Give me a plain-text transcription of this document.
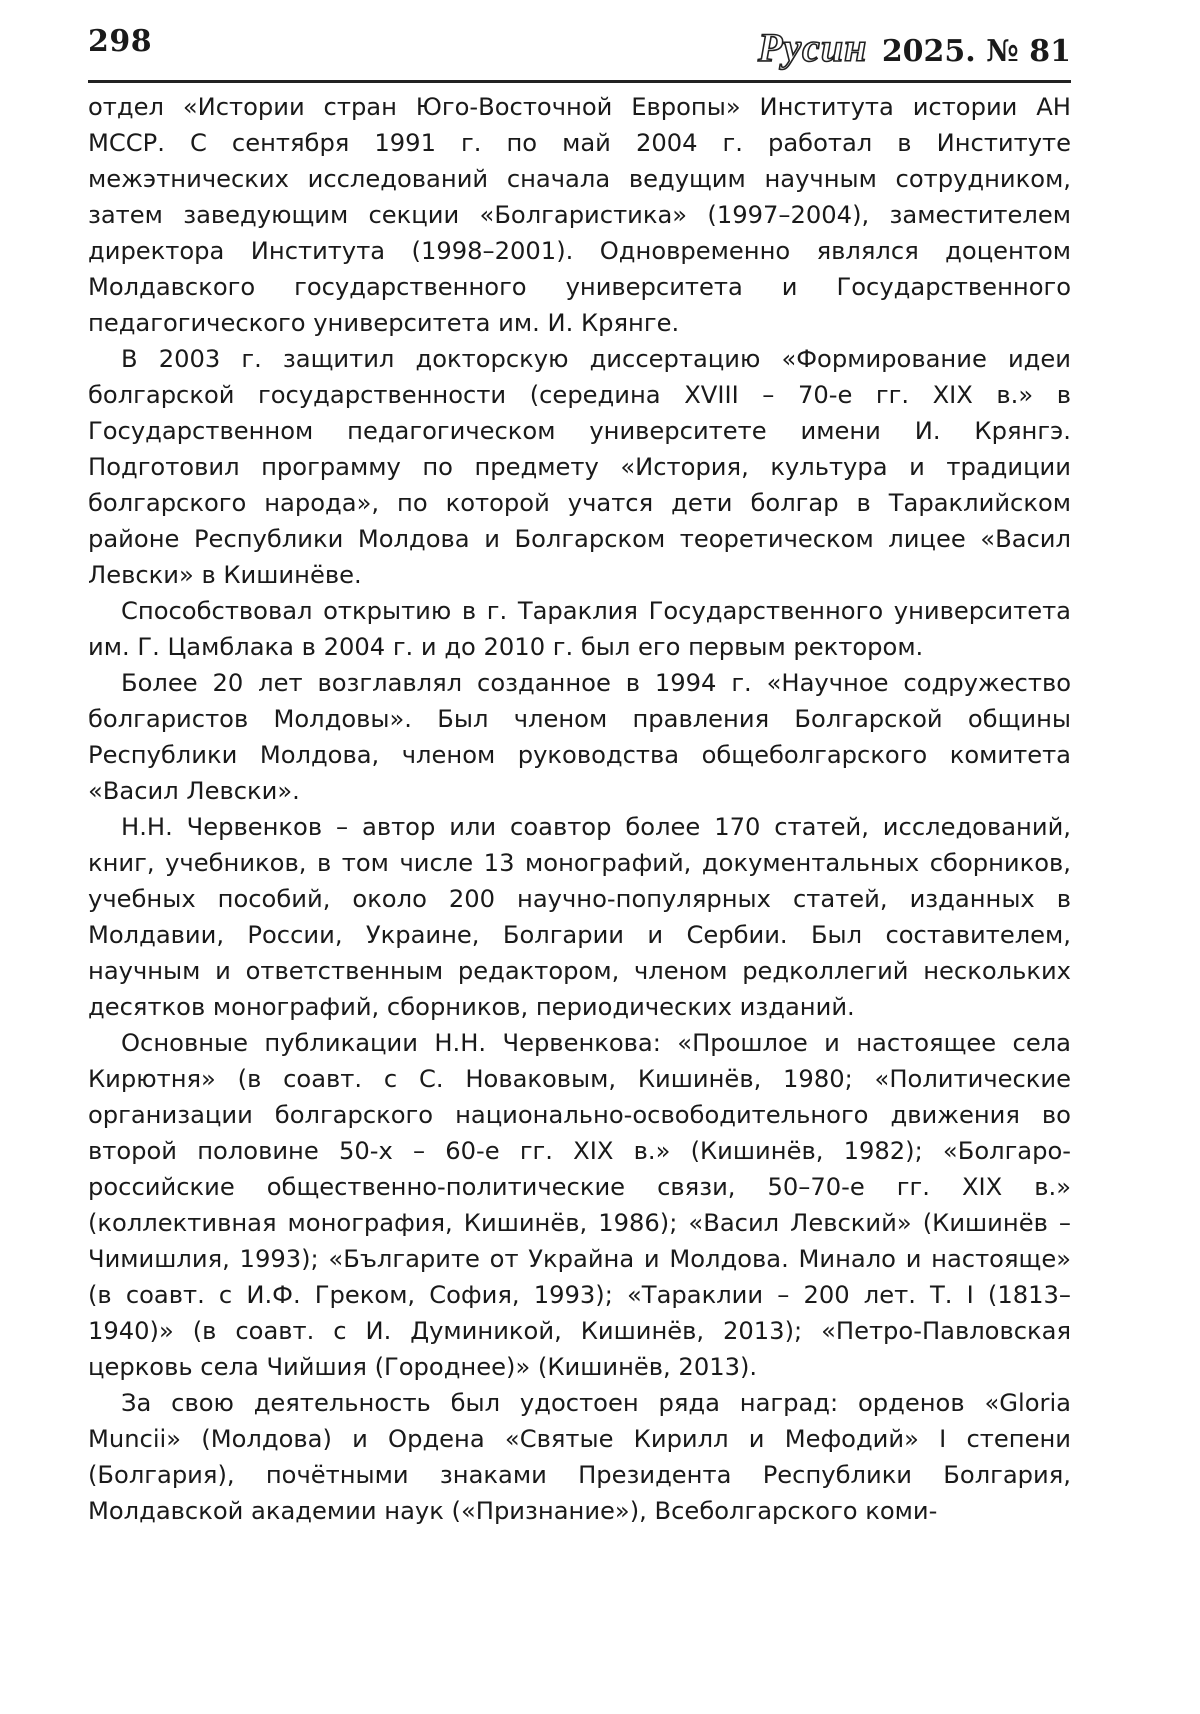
298	Русин 2025. № 81

отдел «Истории стран Юго-Восточной Европы» Института истории АН МССР. С сентября 1991 г. по май 2004 г. работал в Институте межэтнических исследований сначала ведущим научным сотрудником, затем заведующим секции «Болгаристика» (1997–2004), заместителем директора Института (1998–2001). Одновременно являлся доцентом Молдавского государственного университета и Государственного педагогического университета им. И. Крянге.

В 2003 г. защитил докторскую диссертацию «Формирование идеи болгарской государственности (середина XVIII – 70-е гг. XIX в.» в Государственном педагогическом университете имени И. Крянгэ. Подготовил программу по предмету «История, культура и традиции болгарского народа», по которой учатся дети болгар в Тараклийском районе Республики Молдова и Болгарском теоретическом лицее «Васил Левски» в Кишинёве.

Способствовал открытию в г. Тараклия Государственного университета им. Г. Цамблака в 2004 г. и до 2010 г. был его первым ректором.

Более 20 лет возглавлял созданное в 1994 г. «Научное содружество болгаристов Молдовы». Был членом правления Болгарской общины Республики Молдова, членом руководства общеболгарского комитета «Васил Левски».

Н.Н. Червенков – автор или соавтор более 170 статей, исследований, книг, учебников, в том числе 13 монографий, документальных сборников, учебных пособий, около 200 научно-популярных статей, изданных в Молдавии, России, Украине, Болгарии и Сербии. Был составителем, научным и ответственным редактором, членом редколлегий нескольких десятков монографий, сборников, периодических изданий.

Основные публикации Н.Н. Червенкова: «Прошлое и настоящее села Кирютня» (в соавт. с С. Новаковым, Кишинёв, 1980; «Политические организации болгарского национально-освободительного движения во второй половине 50-х – 60-е гг. XIX в.» (Кишинёв, 1982); «Болгаро-российские общественно-политические связи, 50–70-е гг. XIX в.» (коллективная монография, Кишинёв, 1986); «Васил Левский» (Кишинёв – Чимишлия, 1993); «Българите от Украйна и Молдова. Минало и настояще» (в соавт. с И.Ф. Греком, София, 1993); «Тараклии – 200 лет. Т. I (1813–1940)» (в соавт. с И. Думиникой, Кишинёв, 2013); «Петро-Павловская церковь села Чийшия (Городнее)» (Кишинёв, 2013).

За свою деятельность был удостоен ряда наград: орденов «Gloria Muncii» (Молдова) и Ордена «Святые Кирилл и Мефодий» I степени (Болгария), почётными знаками Президента Республики Болгария, Молдавской академии наук («Признание»), Всеболгарского коми-
